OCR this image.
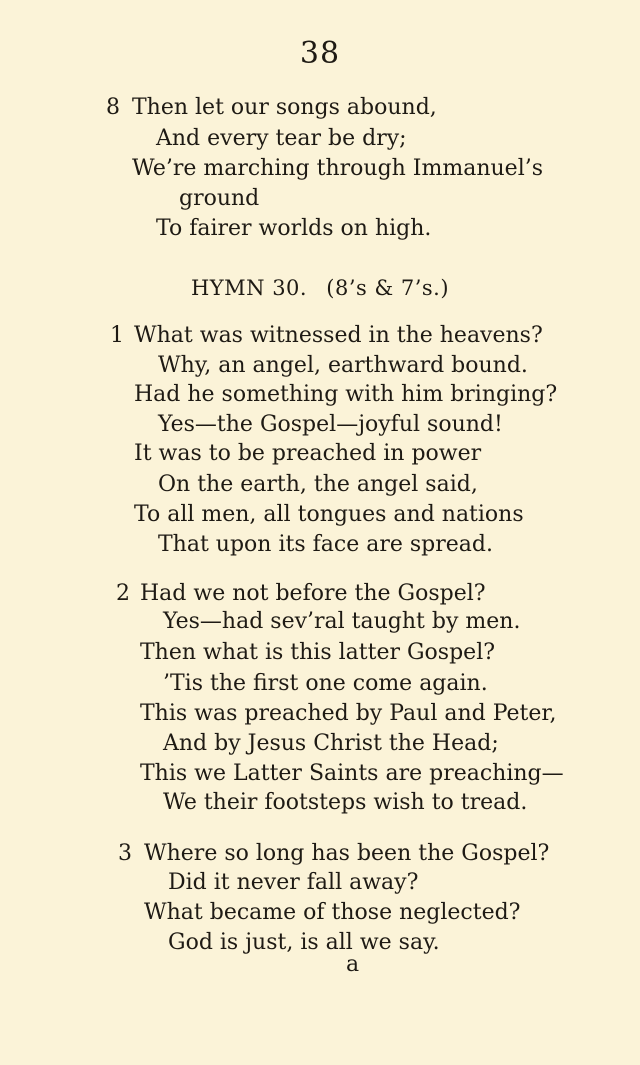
38
8 Then let our songs abound,
And every tear be dry;
We’re marching through Immanuel’s
ground
To fairer worlds on high.
HYMN 30. (8’s & 7’s.)
1 What was witnessed in the heavens?
Why, an angel, earthward bound.
Had he something with him bringing?
Yes—the Gospel—joyful sound!
It was to be preached in power
On the earth, the angel said,
To all men, all tongues and nations
That upon its face are spread.
2 Had we not before the Gospel?
Yes—had sev’ral taught by men.
Then what is this latter Gospel?
’Tis the first one come again.
This was preached by Paul and Peter,
And by Jesus Christ the Head;
This we Latter Saints are preaching—
We their footsteps wish to tread.
3 Where so long has been the Gospel?
Did it never fall away?
What became of those neglected?
God is just, is all we say.
a
